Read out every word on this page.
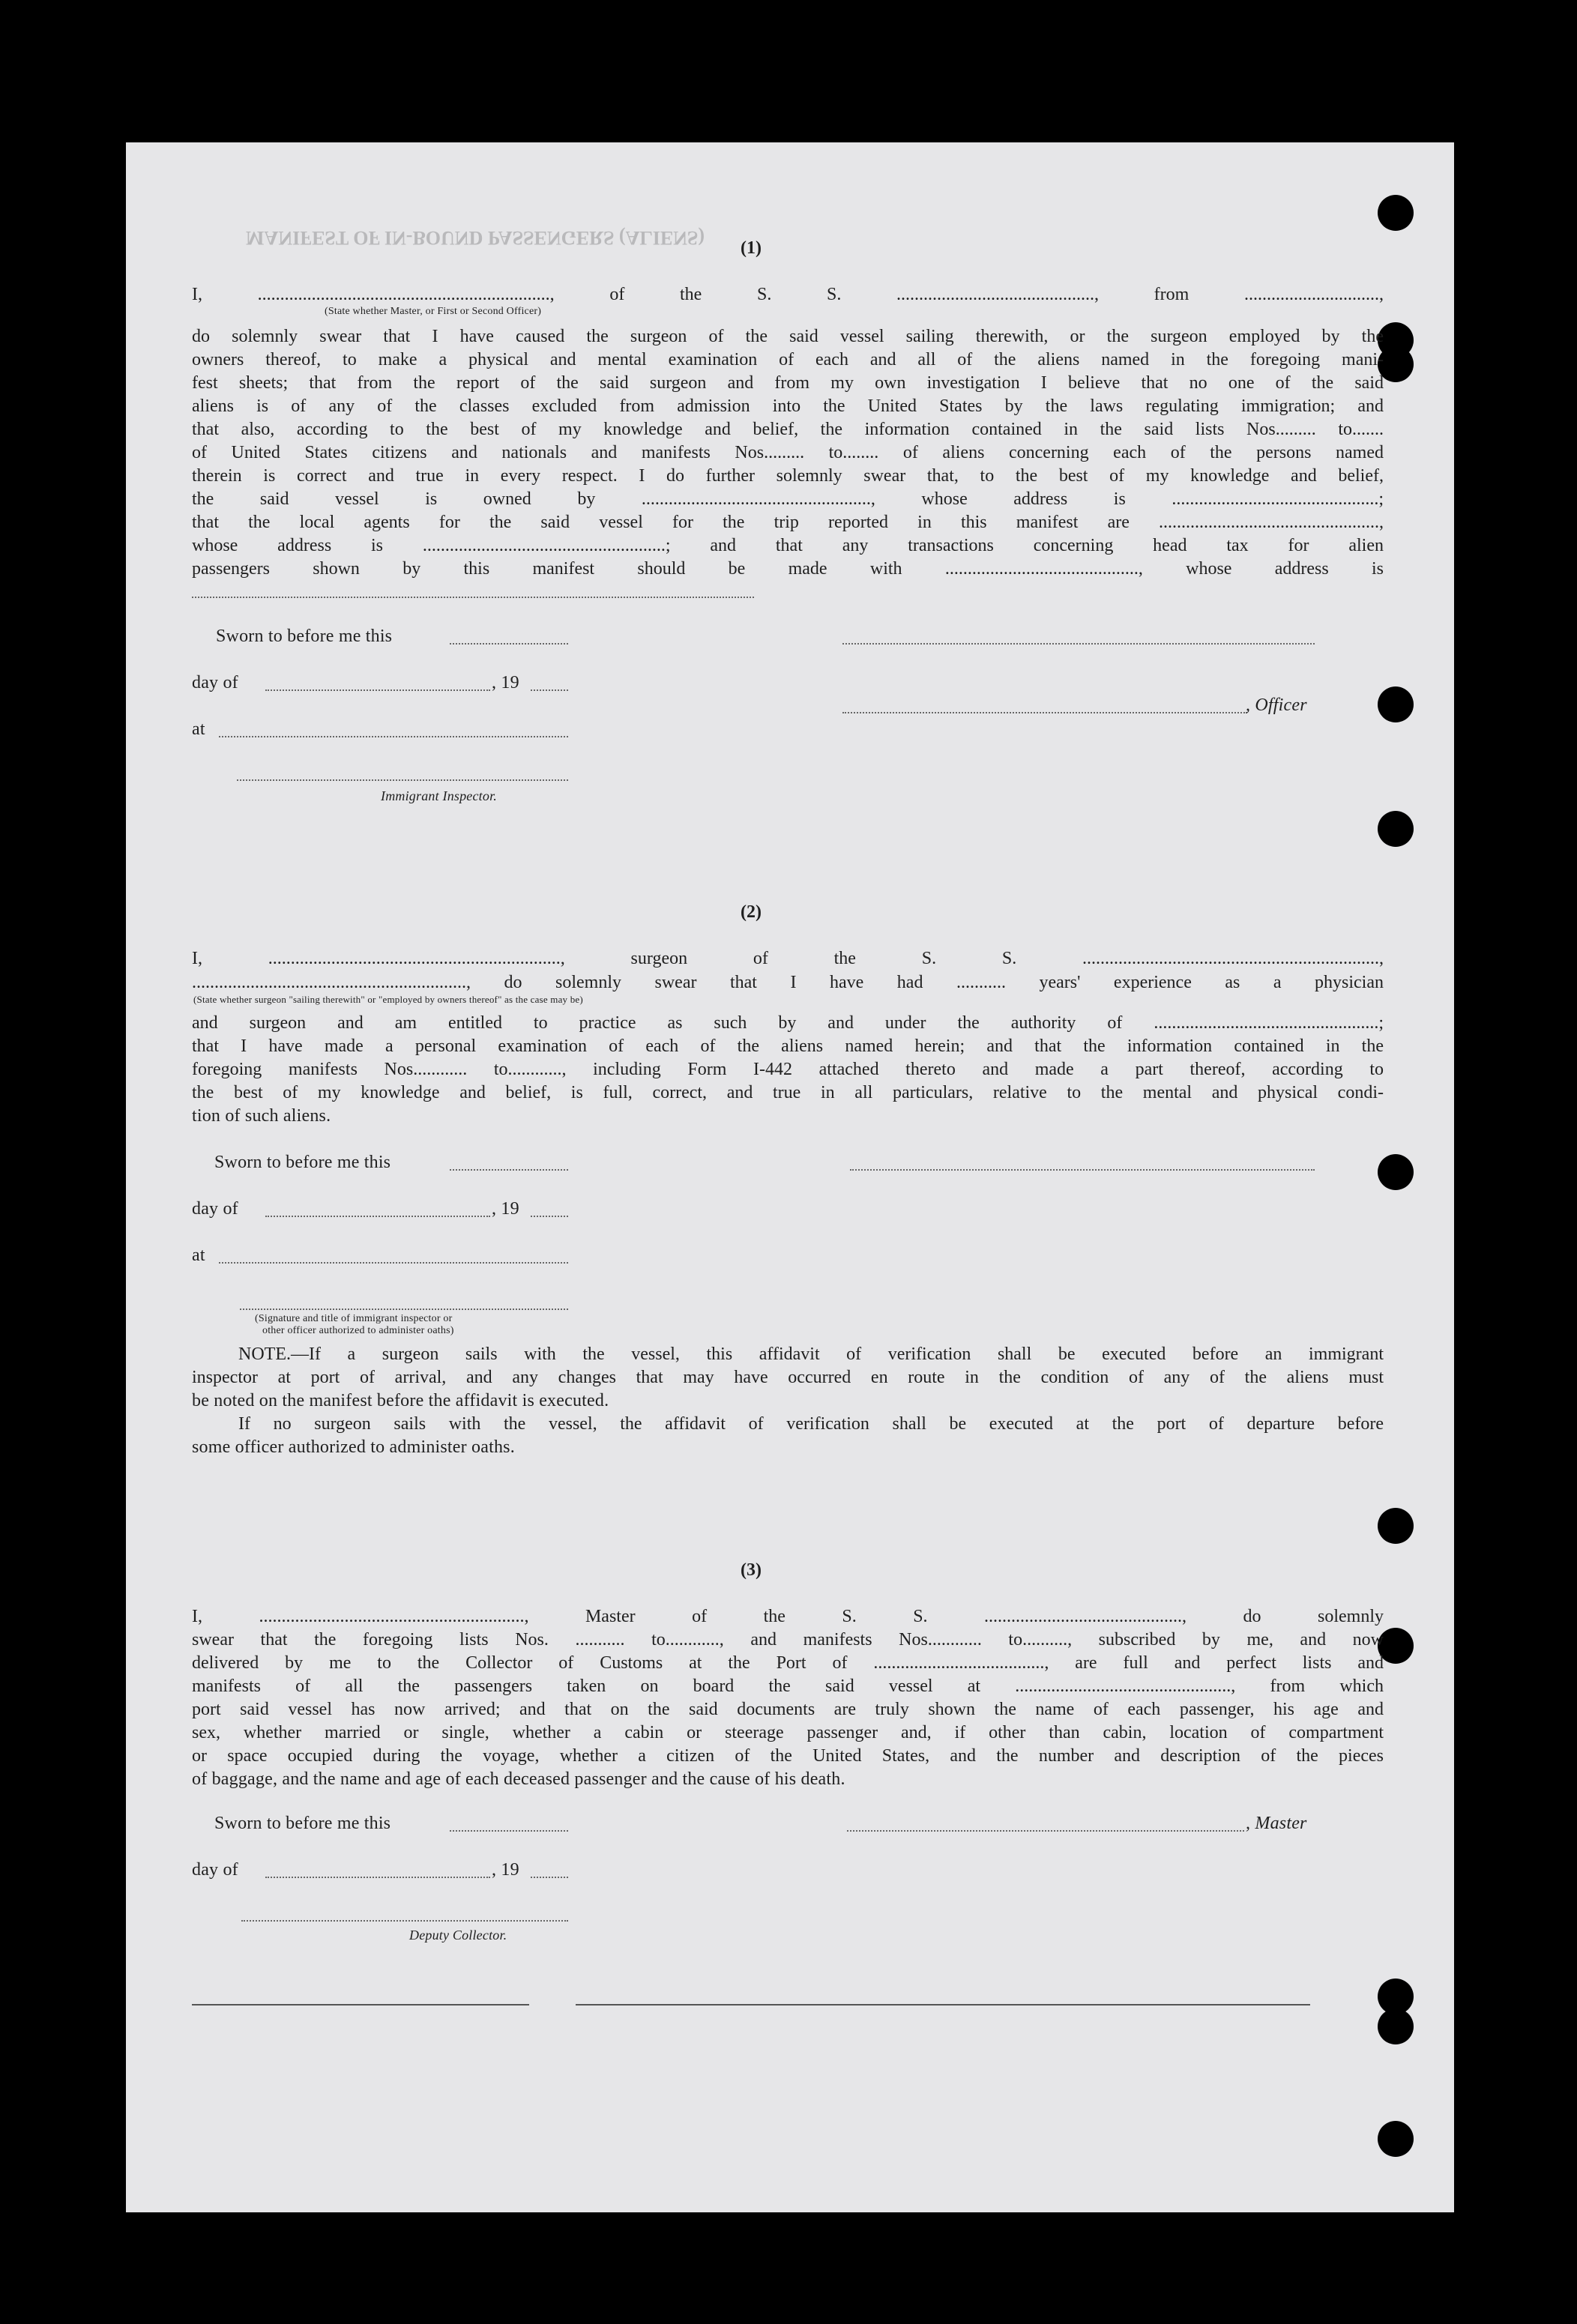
MANIFEST OF IN-BOUND PASSENGERS (ALIENS)	(1)
I, ................................................................., of the S. S. ............................................, from ..............................,
(State whether Master, or First or Second Officer)
do solemnly swear that I have caused the surgeon of the said vessel sailing therewith, or the surgeon employed by the
owners thereof, to make a physical and mental examination of each and all of the aliens named in the foregoing mani-
fest sheets; that from the report of the said surgeon and from my own investigation I believe that no one of the said
aliens is of any of the classes excluded from admission into the United States by the laws regulating immigration; and
that also, according to the best of my knowledge and belief, the information contained in the said lists Nos......... to.......
of United States citizens and nationals and manifests Nos......... to........ of aliens concerning each of the persons named
therein is correct and true in every respect. I do further solemnly swear that, to the best of my knowledge and belief,
the said vessel is owned by ..................................................., whose address is ..............................................;
that the local agents for the said vessel for the trip reported in this manifest are .................................................,
whose address is ......................................................; and that any transactions concerning head tax for alien
passengers shown by this manifest should be made with ..........................................., whose address is
Sworn to before me this
day of	, 19
at
Immigrant Inspector.
, Officer
(2)
I, ................................................................., surgeon of the S. S. ..................................................................,
............................................................., do solemnly swear that I have had ........... years' experience as a physician
(State whether surgeon "sailing therewith" or "employed by owners thereof" as the case may be)
and surgeon and am entitled to practice as such by and under the authority of ..................................................;
that I have made a personal examination of each of the aliens named herein; and that the information contained in the
foregoing manifests Nos............ to............, including Form I-442 attached thereto and made a part thereof, according to
the best of my knowledge and belief, is full, correct, and true in all particulars, relative to the mental and physical condi-
tion of such aliens.
Sworn to before me this
day of	, 19
at
(Signature and title of immigrant inspector or
other officer authorized to administer oaths)
NOTE.—If a surgeon sails with the vessel, this affidavit of verification shall be executed before an immigrant
inspector at port of arrival, and any changes that may have occurred en route in the condition of any of the aliens must
be noted on the manifest before the affidavit is executed.
If no surgeon sails with the vessel, the affidavit of verification shall be executed at the port of departure before
some officer authorized to administer oaths.
(3)
I, ..........................................................., Master of the S. S. ............................................, do solemnly
swear that the foregoing lists Nos. ........... to............, and manifests Nos............ to.........., subscribed by me, and now
delivered by me to the Collector of Customs at the Port of ......................................, are full and perfect lists and
manifests of all the passengers taken on board the said vessel at ................................................, from which
port said vessel has now arrived; and that on the said documents are truly shown the name of each passenger, his age and
sex, whether married or single, whether a cabin or steerage passenger and, if other than cabin, location of compartment
or space occupied during the voyage, whether a citizen of the United States, and the number and description of the pieces
of baggage, and the name and age of each deceased passenger and the cause of his death.
Sworn to before me this	, Master
day of	, 19
Deputy Collector.
